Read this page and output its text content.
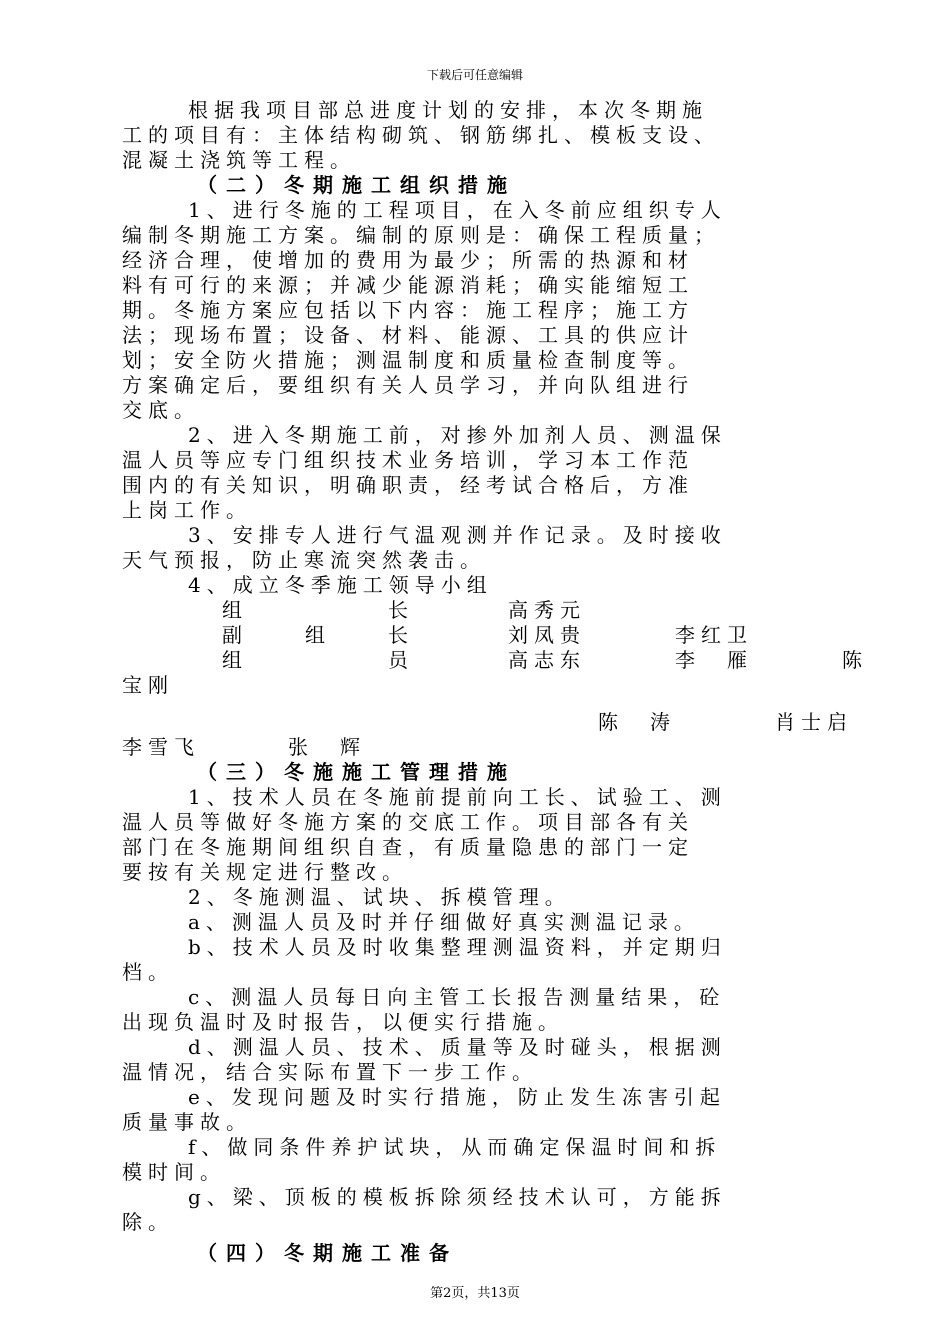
下载后可任意编辑
根据我项目部总进度计划的安排，本次冬期施
工的项目有：主体结构砌筑、钢筋绑扎、模板支设、
混凝土浇筑等工程。
（二）冬期施工组织措施
1、进行冬施的工程项目，在入冬前应组织专人
编制冬期施工方案。编制的原则是：确保工程质量；
经济合理，使增加的费用为最少；所需的热源和材
料有可行的来源；并减少能源消耗；确实能缩短工
期。冬施方案应包括以下内容：施工程序；施工方
法；现场布置；设备、材料、能源、工具的供应计
划；安全防火措施；测温制度和质量检查制度等。
方案确定后，要组织有关人员学习，并向队组进行
交底。
2、进入冬期施工前，对掺外加剂人员、测温保
温人员等应专门组织技术业务培训，学习本工作范
围内的有关知识，明确职责，经考试合格后，方准
上岗工作。
3、安排专人进行气温观测并作记录。及时接收
天气预报，防止寒流突然袭击。
4、成立冬季施工领导小组
组	长	高秀元
副	组	长	刘凤贵	李红卫
组	员	高志东	李　雁	陈
宝刚
陈　涛	肖士启
李雪飞	张　辉
（三）冬施施工管理措施
1、技术人员在冬施前提前向工长、试验工、测
温人员等做好冬施方案的交底工作。项目部各有关
部门在冬施期间组织自查，有质量隐患的部门一定
要按有关规定进行整改。
2、冬施测温、试块、拆模管理。
a、测温人员及时并仔细做好真实测温记录。
b、技术人员及时收集整理测温资料，并定期归
档。
c、测温人员每日向主管工长报告测量结果，砼
出现负温时及时报告，以便实行措施。
d、测温人员、技术、质量等及时碰头，根据测
温情况，结合实际布置下一步工作。
e、发现问题及时实行措施，防止发生冻害引起
质量事故。
f、做同条件养护试块，从而确定保温时间和拆
模时间。
g、梁、顶板的模板拆除须经技术认可，方能拆
除。
（四）冬期施工准备
第2页，共13页
